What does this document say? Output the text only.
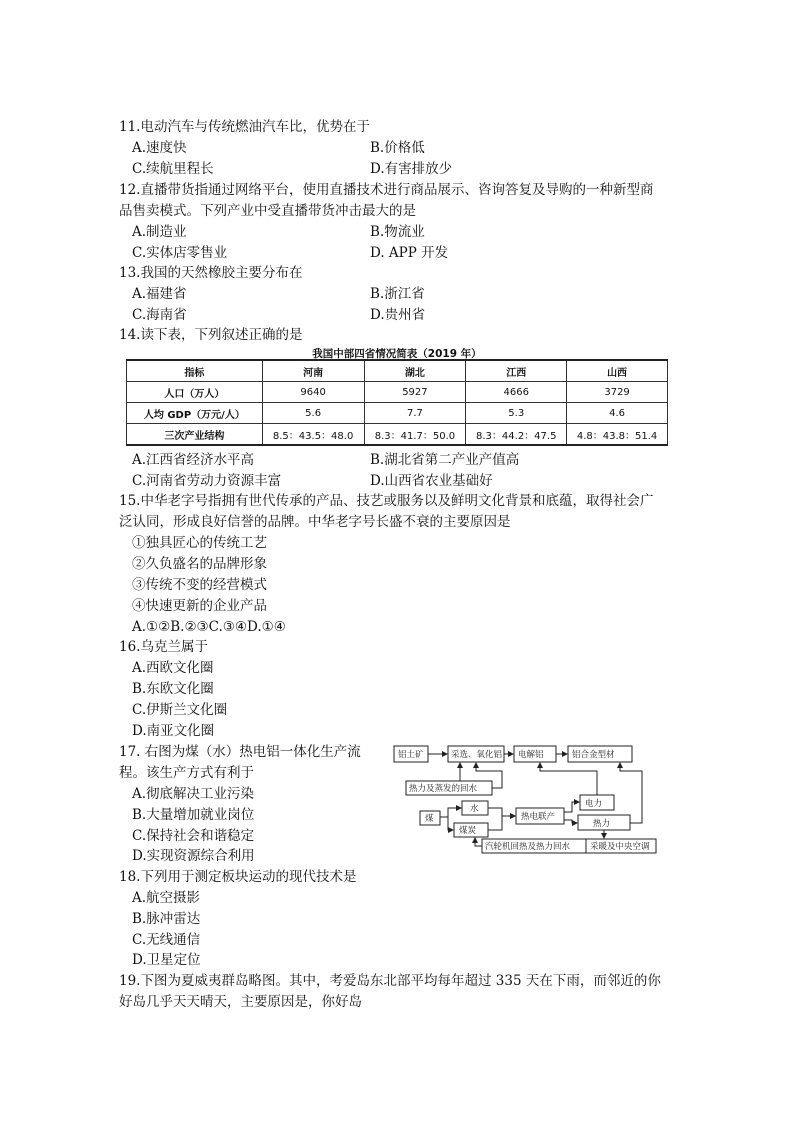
11.电动汽车与传统燃油汽车比，优势在于
A.速度快	B.价格低
C.续航里程长	D.有害排放少
12.直播带货指通过网络平台，使用直播技术进行商品展示、咨询答复及导购的一种新型商
品售卖模式。下列产业中受直播带货冲击最大的是
A.制造业	B.物流业
C.实体店零售业	D. APP 开发
13.我国的天然橡胶主要分布在
A.福建省	B.浙江省
C.海南省	D.贵州省
14.读下表，下列叙述正确的是
我国中部四省情况简表（2019 年）
指标	河南	湖北	江西	山西
人口（万人）	9640	5927	4666	3729
人均 GDP（万元/人）	5.6	7.7	5.3	4.6
三次产业结构	8.5：43.5：48.0	8.3：41.7：50.0	8.3：44.2：47.5	4.8：43.8：51.4
A.江西省经济水平高	B.湖北省第二产业产值高
C.河南省劳动力资源丰富	D.山西省农业基础好
15.中华老字号指拥有世代传承的产品、技艺或服务以及鲜明文化背景和底蕴，取得社会广
泛认同，形成良好信誉的品牌。中华老字号长盛不衰的主要原因是
①独具匠心的传统工艺
②久负盛名的品牌形象
③传统不变的经营模式
④快速更新的企业产品
A.①②B.②③C.③④D.①④
16.乌克兰属于
A.西欧文化圈
B.东欧文化圈
C.伊斯兰文化圈
D.南亚文化圈
17. 右图为煤（水）热电铝一体化生产流
程。该生产方式有利于
A.彻底解决工业污染
B.大量增加就业岗位
C.保持社会和谐稳定
D.实现资源综合利用
铝土矿	采选、氧化铝 电解铝	铝合金型材
热力及蒸发的回水
水
煤
煤炭
热电联产
电力
热力
汽轮机回热及热力回水 采暖及中央空调
18.下列用于测定板块运动的现代技术是
A.航空摄影
B.脉冲雷达
C.无线通信
D.卫星定位
19.下图为夏威夷群岛略图。其中，考爱岛东北部平均每年超过 335 天在下雨，而邻近的你
好岛几乎天天晴天，主要原因是，你好岛
